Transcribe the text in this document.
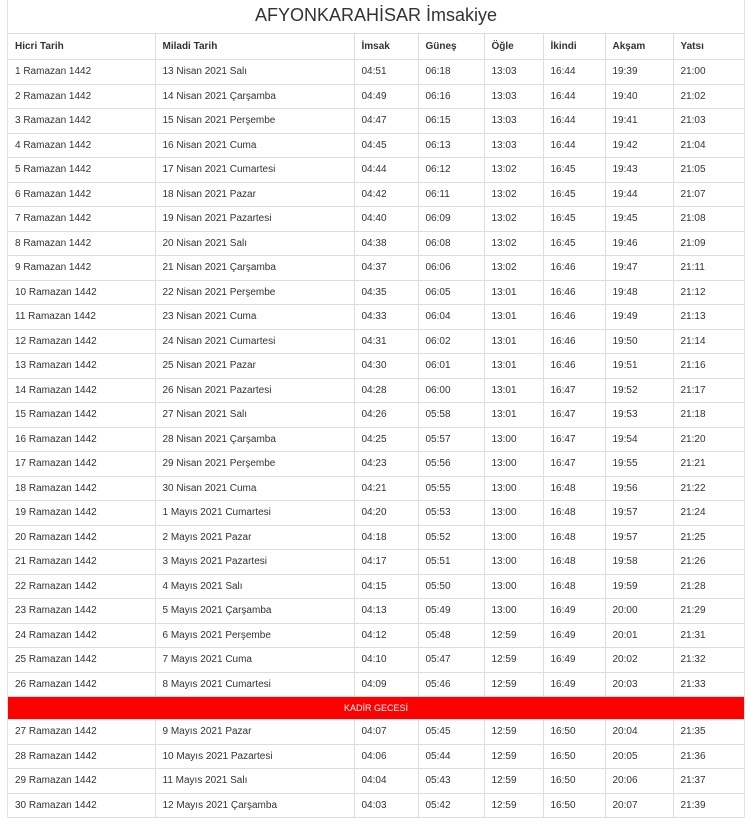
AFYONKARAHİSAR İmsakiye
Hicri Tarih	Miladi Tarih	İmsak	Güneş	Öğle	İkindi	Akşam	Yatsı
1 Ramazan 1442	13 Nisan 2021 Salı	04:51	06:18	13:03	16:44	19:39	21:00
2 Ramazan 1442	14 Nisan 2021 Çarşamba	04:49	06:16	13:03	16:44	19:40	21:02
3 Ramazan 1442	15 Nisan 2021 Perşembe	04:47	06:15	13:03	16:44	19:41	21:03
4 Ramazan 1442	16 Nisan 2021 Cuma	04:45	06:13	13:03	16:44	19:42	21:04
5 Ramazan 1442	17 Nisan 2021 Cumartesi	04:44	06:12	13:02	16:45	19:43	21:05
6 Ramazan 1442	18 Nisan 2021 Pazar	04:42	06:11	13:02	16:45	19:44	21:07
7 Ramazan 1442	19 Nisan 2021 Pazartesi	04:40	06:09	13:02	16:45	19:45	21:08
8 Ramazan 1442	20 Nisan 2021 Salı	04:38	06:08	13:02	16:45	19:46	21:09
9 Ramazan 1442	21 Nisan 2021 Çarşamba	04:37	06:06	13:02	16:46	19:47	21:11
10 Ramazan 1442	22 Nisan 2021 Perşembe	04:35	06:05	13:01	16:46	19:48	21:12
11 Ramazan 1442	23 Nisan 2021 Cuma	04:33	06:04	13:01	16:46	19:49	21:13
12 Ramazan 1442	24 Nisan 2021 Cumartesi	04:31	06:02	13:01	16:46	19:50	21:14
13 Ramazan 1442	25 Nisan 2021 Pazar	04:30	06:01	13:01	16:46	19:51	21:16
14 Ramazan 1442	26 Nisan 2021 Pazartesi	04:28	06:00	13:01	16:47	19:52	21:17
15 Ramazan 1442	27 Nisan 2021 Salı	04:26	05:58	13:01	16:47	19:53	21:18
16 Ramazan 1442	28 Nisan 2021 Çarşamba	04:25	05:57	13:00	16:47	19:54	21:20
17 Ramazan 1442	29 Nisan 2021 Perşembe	04:23	05:56	13:00	16:47	19:55	21:21
18 Ramazan 1442	30 Nisan 2021 Cuma	04:21	05:55	13:00	16:48	19:56	21:22
19 Ramazan 1442	1 Mayıs 2021 Cumartesi	04:20	05:53	13:00	16:48	19:57	21:24
20 Ramazan 1442	2 Mayıs 2021 Pazar	04:18	05:52	13:00	16:48	19:57	21:25
21 Ramazan 1442	3 Mayıs 2021 Pazartesi	04:17	05:51	13:00	16:48	19:58	21:26
22 Ramazan 1442	4 Mayıs 2021 Salı	04:15	05:50	13:00	16:48	19:59	21:28
23 Ramazan 1442	5 Mayıs 2021 Çarşamba	04:13	05:49	13:00	16:49	20:00	21:29
24 Ramazan 1442	6 Mayıs 2021 Perşembe	04:12	05:48	12:59	16:49	20:01	21:31
25 Ramazan 1442	7 Mayıs 2021 Cuma	04:10	05:47	12:59	16:49	20:02	21:32
26 Ramazan 1442	8 Mayıs 2021 Cumartesi	04:09	05:46	12:59	16:49	20:03	21:33
KADİR GECESİ							
27 Ramazan 1442	9 Mayıs 2021 Pazar	04:07	05:45	12:59	16:50	20:04	21:35
28 Ramazan 1442	10 Mayıs 2021 Pazartesi	04:06	05:44	12:59	16:50	20:05	21:36
29 Ramazan 1442	11 Mayıs 2021 Salı	04:04	05:43	12:59	16:50	20:06	21:37
30 Ramazan 1442	12 Mayıs 2021 Çarşamba	04:03	05:42	12:59	16:50	20:07	21:39
